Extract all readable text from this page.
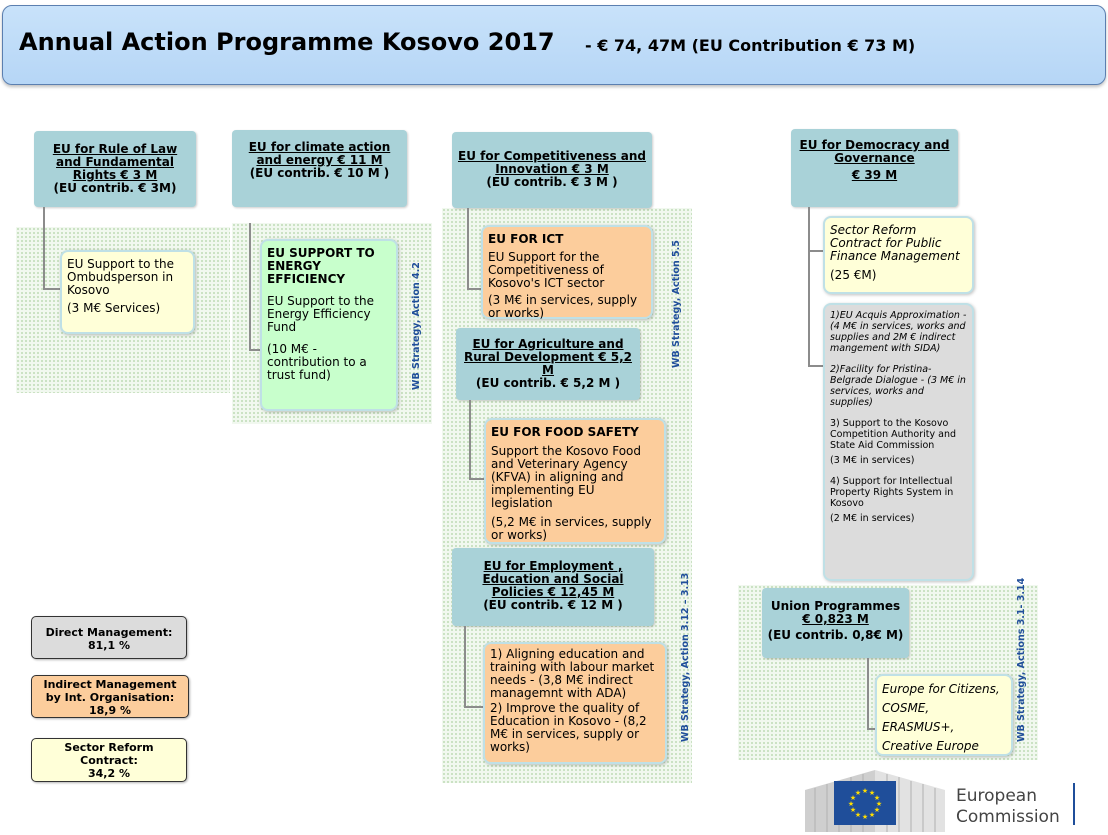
Annual Action Programme Kosovo 2017 - € 74, 47M (EU Contribution € 73 M)
EU for Rule of Law
and Fundamental
Rights € 3 M
(EU contrib. € 3M)
EU Support to the Ombudsperson in Kosovo
(3 M€ Services)
EU for climate action
and energy € 11 M
(EU contrib. € 10 M )
EU SUPPORT TO ENERGY EFFICIENCY
EU Support to the Energy Efficiency Fund
(10 M€ - contribution to a trust fund)	WB Strategy, Action 4.2
EU for Competitiveness and
Innovation € 3 M
(EU contrib. € 3 M )
EU FOR ICT
EU Support for the Competitiveness of Kosovo's ICT sector
(3 M€ in services, supply or works)	WB Strategy, Action 5.5
EU for Agriculture and
Rural Development € 5,2
M
(EU contrib. € 5,2 M )
EU FOR FOOD SAFETY
Support the Kosovo Food and Veterinary Agency (KFVA) in aligning and implementing EU legislation
(5,2 M€ in services, supply or works)
EU for Employment ,
Education and Social
Policies € 12,45 M
(EU contrib. € 12 M )
1) Aligning education and training with labour market needs - (3,8 M€ indirect managemnt with ADA)
2) Improve the quality of Education in Kosovo - (8,2 M€ in services, supply or works)
WB Strategy, Action 3.12 – 3.13
EU for Democracy and
Governance
€ 39 M
Sector Reform Contract for Public Finance Management
(25 €M)
1)EU Acquis Approximation - (4 M€ in services, works and supplies and 2M € indirect mangement with SIDA)
2)Facility for Pristina-Belgrade Dialogue - (3 M€ in services, works and supplies)
3) Support to the Kosovo Competition Authority and State Aid Commission
(3 M€ in services)
4) Support for Intellectual Property Rights System in Kosovo
(2 M€ in services)
Union Programmes
€ 0,823 M
(EU contrib. 0,8€ M)
Europe for Citizens,
COSME,
ERASMUS+,
Creative Europe
WB Strategy, Actions 3.1- 3.14
Direct Management:
81,1 %
Indirect Management
by Int. Organisation:
18,9 %
Sector Reform
Contract:
34,2 %
★ ★
★
★
★
★
★
★
★
★
★
★	European
Commission
